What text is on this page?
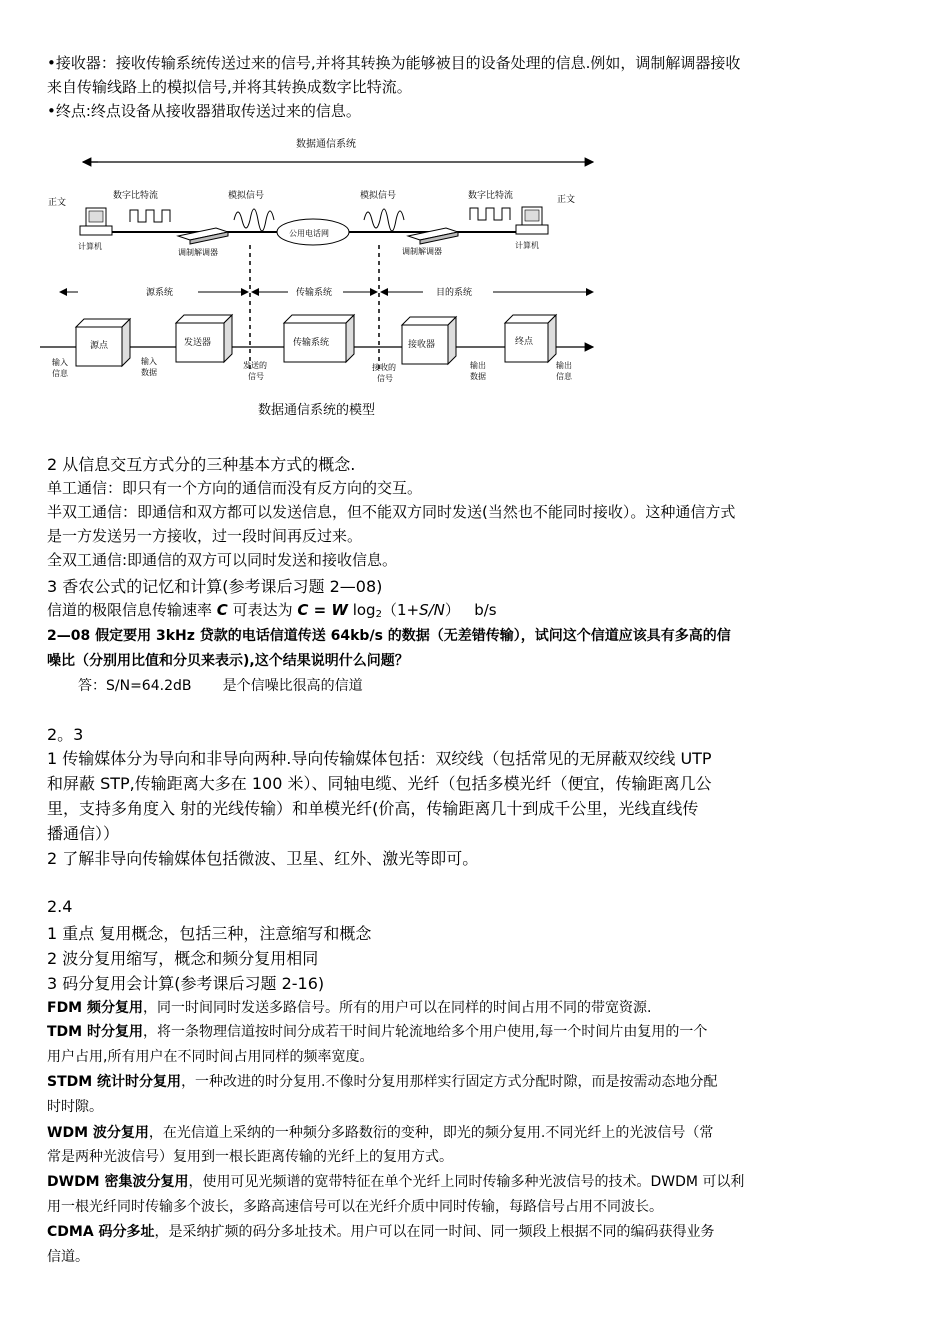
•接收器：接收传输系统传送过来的信号,并将其转换为能够被目的设备处理的信息.例如，调制解调器接收
来自传输线路上的模拟信号,并将其转换成数字比特流。
•终点:终点设备从接收器猎取传送过来的信息。
数据通信系统
正文	正文
数字比特流	模拟信号	模拟信号	数字比特流
计算机	计算机
调制解调器	调制解调器
公用电话网
源系统	传输系统	目的系统
源点	发送器	传输系统	接收器	终点
输入
信息
输入
数据
发送的
信号
接收的
信号
输出
数据
输出
信息
数据通信系统的模型
2 从信息交互方式分的三种基本方式的概念.
单工通信：即只有一个方向的通信而没有反方向的交互。
半双工通信：即通信和双方都可以发送信息，但不能双方同时发送(当然也不能同时接收）。这种通信方式
是一方发送另一方接收，过一段时间再反过来。
全双工通信:即通信的双方可以同时发送和接收信息。
3 香农公式的记忆和计算(参考课后习题 2—08)
信道的极限信息传输速率 C 可表达为 C = W $\log_2(1+S/N)$ b/s
2—08 假定要用 3kHz 贷款的电话信道传送 64kb/s 的数据（无差错传输），试问这个信道应该具有多高的信
噪比（分别用比值和分贝来表示),这个结果说明什么问题？
答：S/N=64.2dB 是个信噪比很高的信道
2。3
1 传输媒体分为导向和非导向两种.导向传输媒体包括：双绞线（包括常见的无屏蔽双绞线 UTP
和屏蔽 STP,传输距离大多在 100 米）、同轴电缆、光纤（包括多模光纤（便宜，传输距离几公
里，支持多角度入 射的光线传输）和单模光纤(价高，传输距离几十到成千公里，光线直线传
播通信））
2 了解非导向传输媒体包括微波、卫星、红外、激光等即可。
2.4
1 重点 复用概念，包括三种，注意缩写和概念
2 波分复用缩写，概念和频分复用相同
3 码分复用会计算(参考课后习题 2-16)
FDM 频分复用，同一时间同时发送多路信号。所有的用户可以在同样的时间占用不同的带宽资源.
TDM 时分复用，将一条物理信道按时间分成若干时间片轮流地给多个用户使用,每一个时间片由复用的一个
用户占用,所有用户在不同时间占用同样的频率宽度。
STDM 统计时分复用，一种改进的时分复用.不像时分复用那样实行固定方式分配时隙，而是按需动态地分配
时时隙。
WDM 波分复用，在光信道上采纳的一种频分多路数衍的变种，即光的频分复用.不同光纤上的光波信号（常
常是两种光波信号）复用到一根长距离传输的光纤上的复用方式。
DWDM 密集波分复用，使用可见光频谱的宽带特征在单个光纤上同时传输多种光波信号的技术。DWDM 可以利
用一根光纤同时传输多个波长，多路高速信号可以在光纤介质中同时传输，每路信号占用不同波长。
CDMA 码分多址，是采纳扩频的码分多址技术。用户可以在同一时间、同一频段上根据不同的编码获得业务
信道。
